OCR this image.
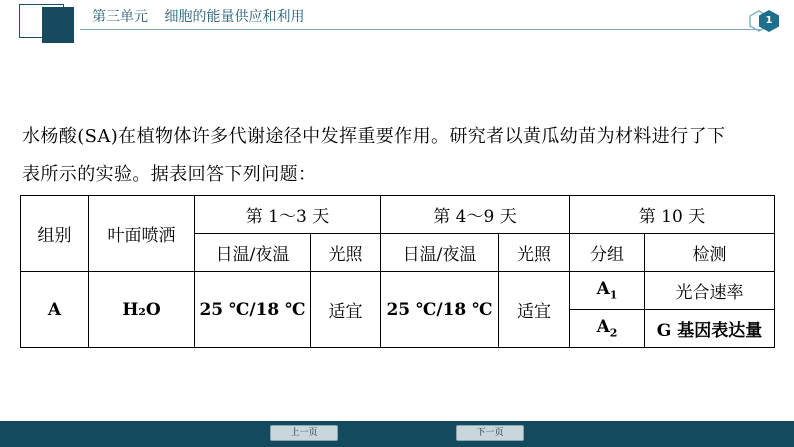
第三单元 细胞的能量供应和利用	1
水杨酸(SA)在植物体许多代谢途径中发挥重要作用。研究者以黄瓜幼苗为材料进行了下
表所示的实验。据表回答下列问题：
组别	叶面喷洒	第 1～3 天		第 4～9 天		第 10 天	
		日温/夜温	光照	日温/夜温	光照	分组	检测
A	H₂O	25 ℃/18 ℃	适宜	25 ℃/18 ℃	适宜	$A_1$	光合速率
						$A_2$	G 基因表达量
上一页	下一页
